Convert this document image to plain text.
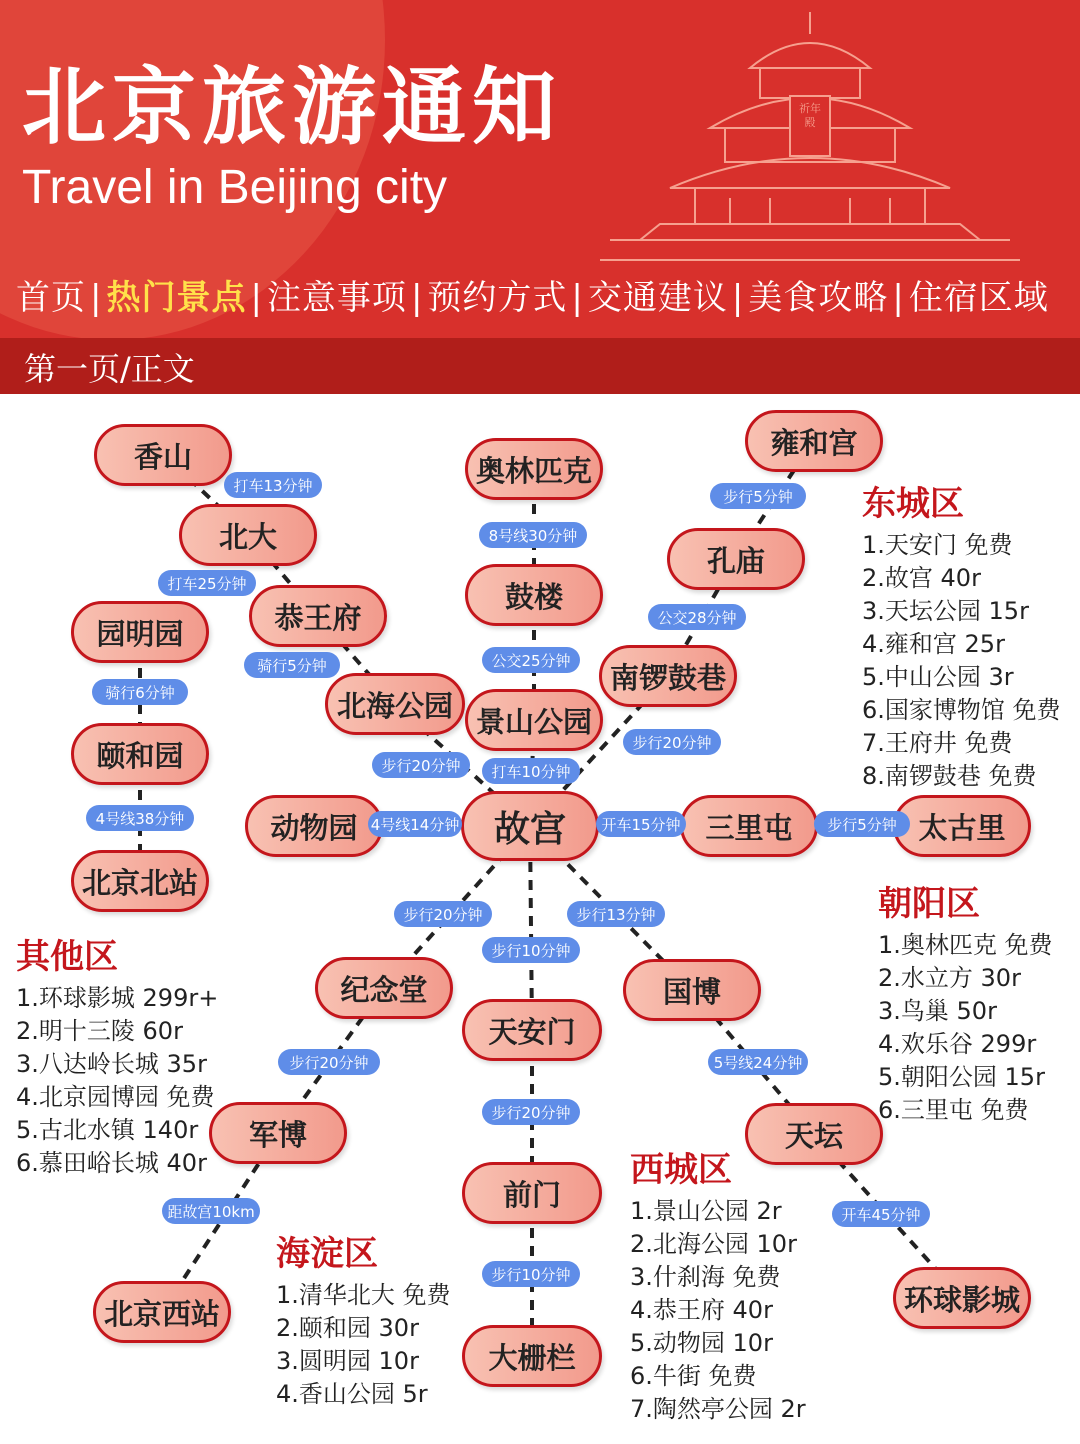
祈年殿
北京旅游通知
Travel in Beijing city
首页|热门景点 | 注意事项 | 预约方式 | 交通建议 | 美食攻略 | 住宿区域
第一页/正文
香山
北大
园明园	恭王府
颐和园
北海公园
北京北站
奥林匹克
鼓楼
景山公园
雍和宫
孔庙
南锣鼓巷
动物园	故宫	三里屯	太古里
纪念堂
天安门
国博
军博	天坛
前门
北京西站
大栅栏
环球影城
打车13分钟
打车25分钟
骑行5分钟
骑行6分钟
4号线38分钟
8号线30分钟
公交25分钟
打车10分钟
步行5分钟
公交28分钟
步行20分钟
步行20分钟
4号线14分钟	开车15分钟	步行5分钟
步行20分钟
步行10分钟
步行13分钟
步行20分钟	5号线24分钟
步行20分钟
距故宫10km
步行10分钟
开车45分钟
东城区
1.天安门 免费
2.故宫 40r
3.天坛公园 15r
4.雍和宫 25r
5.中山公园 3r
6.国家博物馆 免费
7.王府井 免费
8.南锣鼓巷 免费
朝阳区
1.奥林匹克 免费
2.水立方 30r
3.鸟巢 50r
4.欢乐谷 299r
5.朝阳公园 15r
6.三里屯 免费
其他区
1.环球影城 299r+
2.明十三陵 60r
3.八达岭长城 35r
4.北京园博园 免费
5.古北水镇 140r
6.慕田峪长城 40r
海淀区
1.清华北大 免费
2.颐和园 30r
3.圆明园 10r
4.香山公园 5r
西城区
1.景山公园 2r
2.北海公园 10r
3.什刹海 免费
4.恭王府 40r
5.动物园 10r
6.牛街 免费
7.陶然亭公园 2r
